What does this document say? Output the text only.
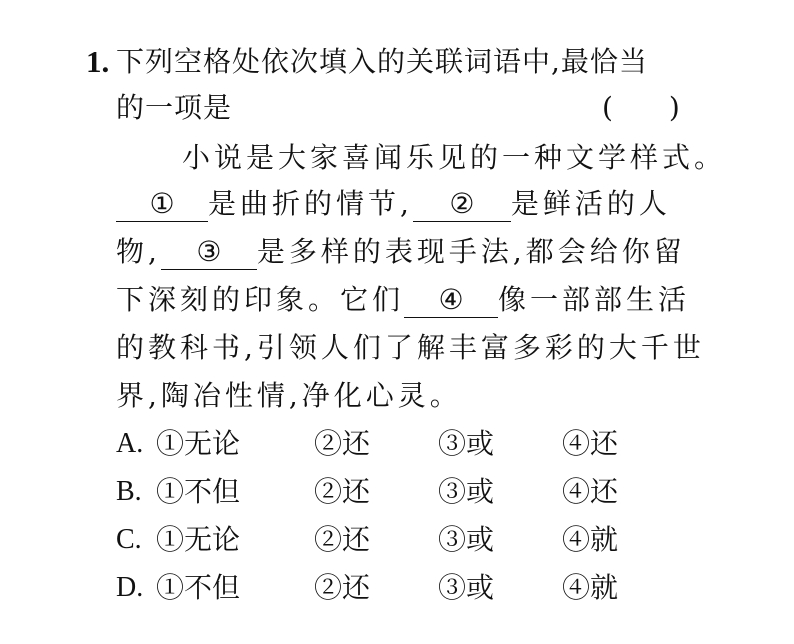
1. 下列空格处依次填入的关联词语中,最恰当
的一项是	(　　)
小说是大家喜闻乐见的一种文学样式。
① 是曲折的情节, ② 是鲜活的人
物, ③ 是多样的表现手法,都会给你留
下深刻的印象。它们 ④ 像一部部生活
的教科书,引领人们了解丰富多彩的大千世
界,陶冶性情,净化心灵。
A. ①无论	②还 ③或 ④还
B. ①不但	②还 ③或 ④还
C. ①无论	②还 ③或 ④就
D. ①不但	②还 ③或 ④就
